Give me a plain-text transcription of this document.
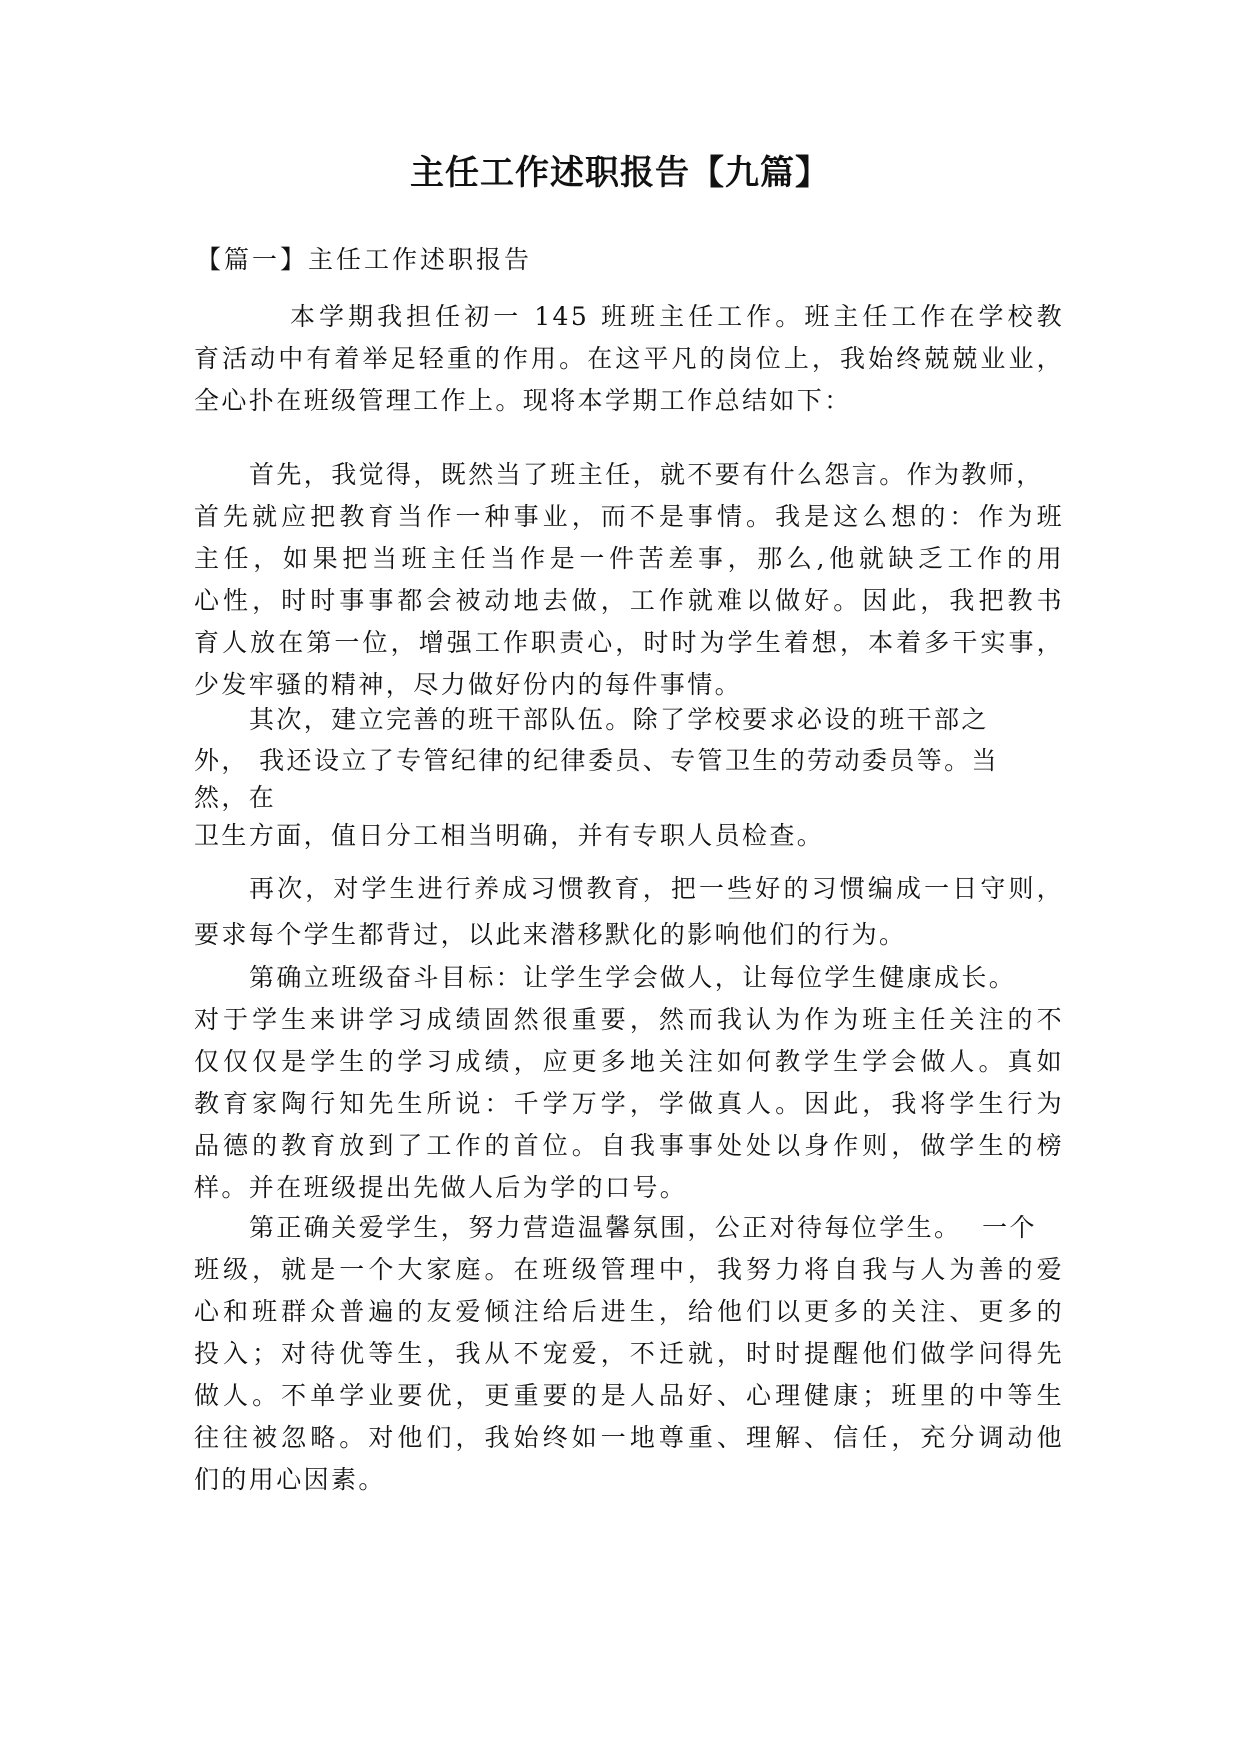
主任工作述职报告【九篇】
【篇一】主任工作述职报告
本学期我担任初一 145 班班主任工作。班主任工作在学校教
育活动中有着举足轻重的作用。在这平凡的岗位上，我始终兢兢业业，
全心扑在班级管理工作上。现将本学期工作总结如下：
首先，我觉得，既然当了班主任，就不要有什么怨言。作为教师，
首先就应把教育当作一种事业，而不是事情。我是这么想的：作为班
主任，如果把当班主任当作是一件苦差事，那么,他就缺乏工作的用
心性，时时事事都会被动地去做，工作就难以做好。因此，我把教书
育人放在第一位，增强工作职责心，时时为学生着想，本着多干实事，
少发牢骚的精神，尽力做好份内的每件事情。
其次，建立完善的班干部队伍。除了学校要求必设的班干部之
外， 我还设立了专管纪律的纪律委员、专管卫生的劳动委员等。当
然，在
卫生方面，值日分工相当明确，并有专职人员检查。
再次，对学生进行养成习惯教育，把一些好的习惯编成一日守则，
要求每个学生都背过，以此来潜移默化的影响他们的行为。
第确立班级奋斗目标：让学生学会做人，让每位学生健康成长。
对于学生来讲学习成绩固然很重要，然而我认为作为班主任关注的不
仅仅仅是学生的学习成绩，应更多地关注如何教学生学会做人。真如
教育家陶行知先生所说：千学万学，学做真人。因此，我将学生行为
品德的教育放到了工作的首位。自我事事处处以身作则，做学生的榜
样。并在班级提出先做人后为学的口号。
第正确关爱学生，努力营造温馨氛围，公正对待每位学生。  一个
班级，就是一个大家庭。在班级管理中，我努力将自我与人为善的爱
心和班群众普遍的友爱倾注给后进生，给他们以更多的关注、更多的
投入；对待优等生，我从不宠爱，不迁就，时时提醒他们做学问得先
做人。不单学业要优，更重要的是人品好、心理健康；班里的中等生
往往被忽略。对他们，我始终如一地尊重、理解、信任，充分调动他
们的用心因素。
